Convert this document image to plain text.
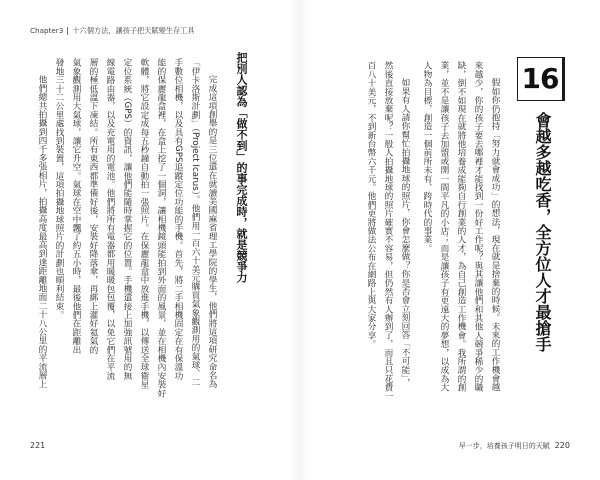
Chapter3 十六個方法，讓孩子把天賦變生存工具
把別人認為「做不到」的事完成時，就是競爭力
221
完成這項創舉的是三位還在就讀美國麻省理工學院的學生，他們將這項研究命名為
「伊卡洛斯計劃」（Project Icarus）。他們用一百六十美元購買氣象觀測用的氣球、二
手數位相機，以及具有GPS追蹤定位功能的手機。首先，將二手相機固定在有保溫功
能的保麗龍盒裡，在盒上挖了一個洞，讓相機鏡頭能拍到外面的風景，並在相機內安裝好
軟體，將它設定成每五秒鐘自動拍一張照片。在保麗龍盒中放進手機，以傳送全球衛星
定位系統（GPS）的資訊，讓他們能隨時掌握它的位置。手機還接上加強訊號用的無
線電路由器，以及充電用的電池。他們將所有電器都用暖暖包包覆，以免它們在平流
層的極低溫下凍結。所有東西都準備好後，安裝好降落傘，再綁上灌好氦氣的
氣象觀測用大氣球，讓它升空。氣球在空中飄了約五小時，最後他們在距離出
發地三十二公里處找到裝置，這項拍攝地球照片的計劃也順利結束。
他們總共拍攝到四千多張相片，拍攝高度最高到達距離地面二十八公里的平流層上	16
會越多越吃香，全方位人才最搶手
早一步，培養孩子明日的天賦 220
假如你仍抱持「努力就會成功」的想法，現在就是捨棄的時候。未來的工作機會越
來越少，你的孩子要去哪裡才能找到一份好工作呢？與其讓他們和其他人競爭稀少的職
缺，倒不如現在就將他培養成能夠自行創業的人才，為自己創造工作機會。我所謂的創
業，並不是讓孩子去加盟或開一間平凡的小店；而是讓孩子有更遠大的夢想，以成為大
人物為目標，創造一個前所未有、跨時代的事業。
如果有人請你幫忙拍攝地球的照片，你會怎麼做？你是否會立刻回答「不可能」，
然後直接放棄呢？一般人拍攝地球的照片確實不容易，但仍然有人辦到了，而且只花費一
百八十美元，不到新台幣六千元。他們更將做法公布在網路上與大家分享。
